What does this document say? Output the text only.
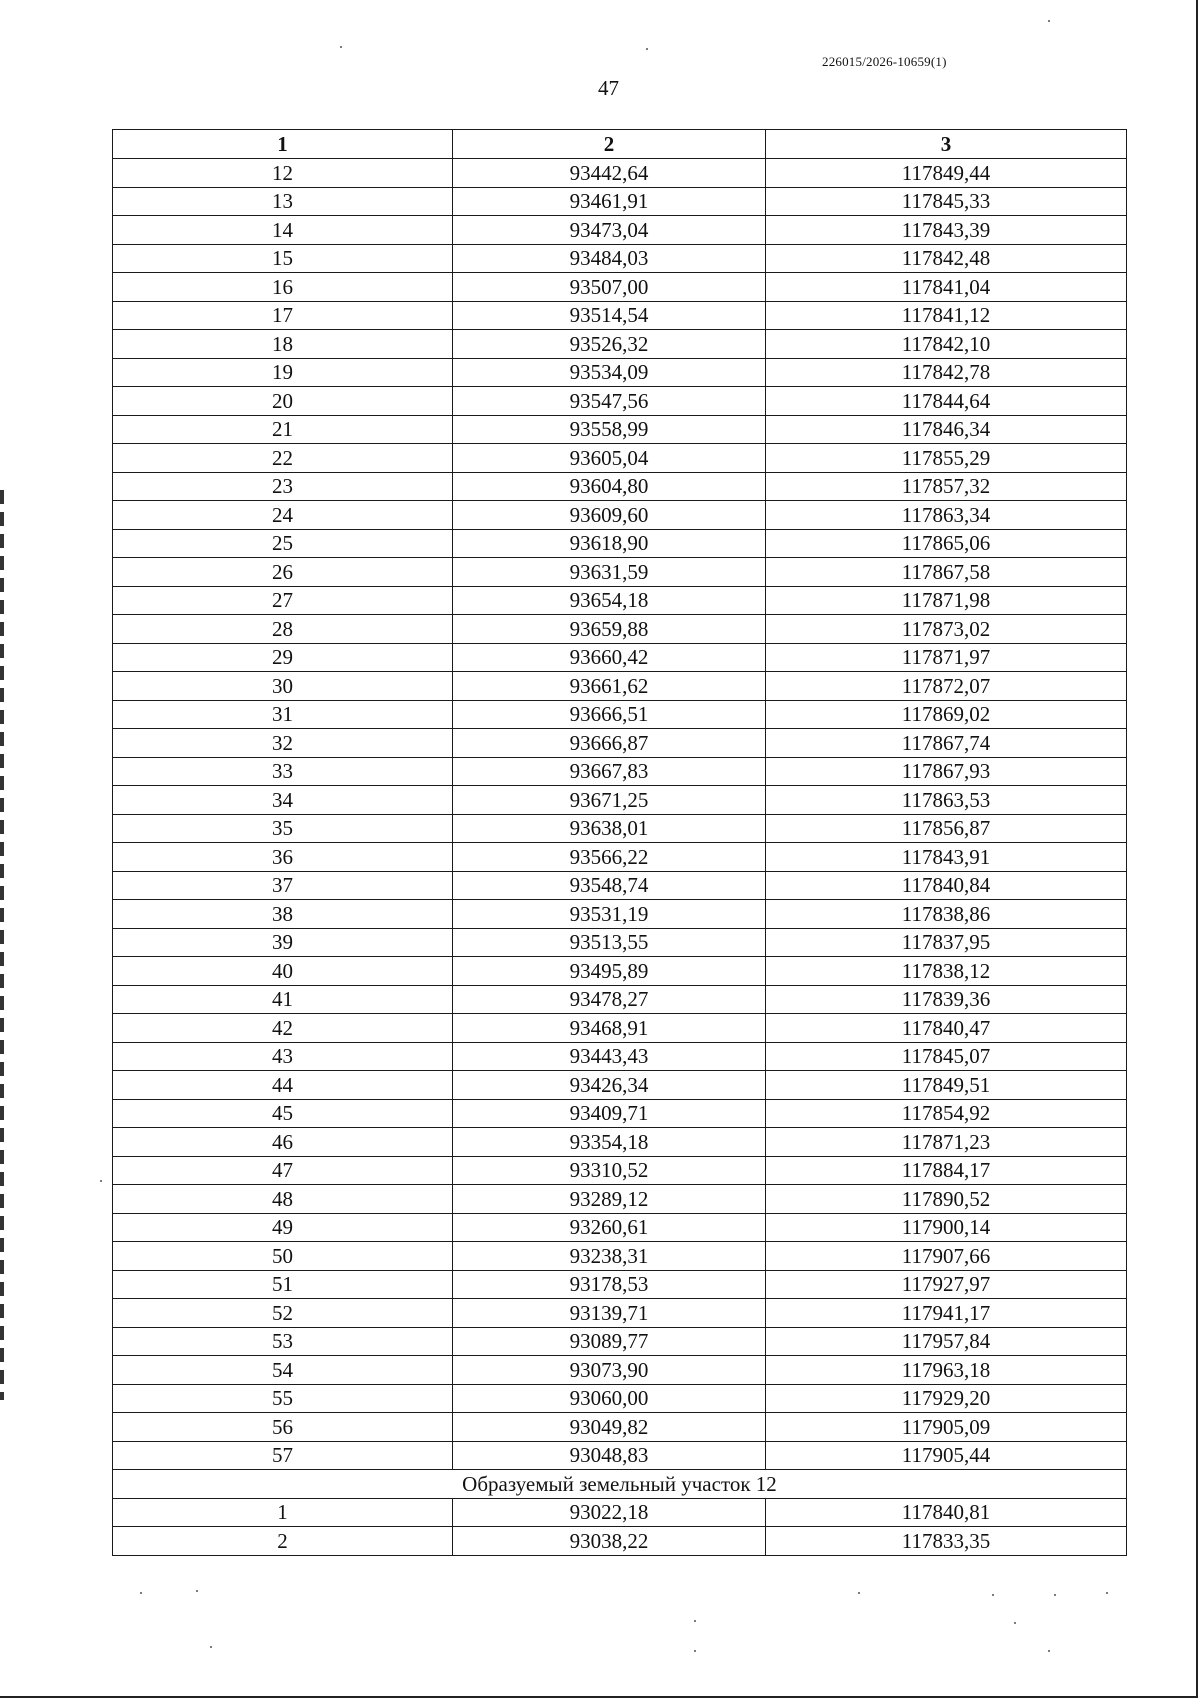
226015/2026-10659(1)
47
1	2	3
12	93442,64	117849,44
13	93461,91	117845,33
14	93473,04	117843,39
15	93484,03	117842,48
16	93507,00	117841,04
17	93514,54	117841,12
18	93526,32	117842,10
19	93534,09	117842,78
20	93547,56	117844,64
21	93558,99	117846,34
22	93605,04	117855,29
23	93604,80	117857,32
24	93609,60	117863,34
25	93618,90	117865,06
26	93631,59	117867,58
27	93654,18	117871,98
28	93659,88	117873,02
29	93660,42	117871,97
30	93661,62	117872,07
31	93666,51	117869,02
32	93666,87	117867,74
33	93667,83	117867,93
34	93671,25	117863,53
35	93638,01	117856,87
36	93566,22	117843,91
37	93548,74	117840,84
38	93531,19	117838,86
39	93513,55	117837,95
40	93495,89	117838,12
41	93478,27	117839,36
42	93468,91	117840,47
43	93443,43	117845,07
44	93426,34	117849,51
45	93409,71	117854,92
46	93354,18	117871,23
47	93310,52	117884,17
48	93289,12	117890,52
49	93260,61	117900,14
50	93238,31	117907,66
51	93178,53	117927,97
52	93139,71	117941,17
53	93089,77	117957,84
54	93073,90	117963,18
55	93060,00	117929,20
56	93049,82	117905,09
57	93048,83	117905,44
Образуемый земельный участок 12		
1	93022,18	117840,81
2	93038,22	117833,35
